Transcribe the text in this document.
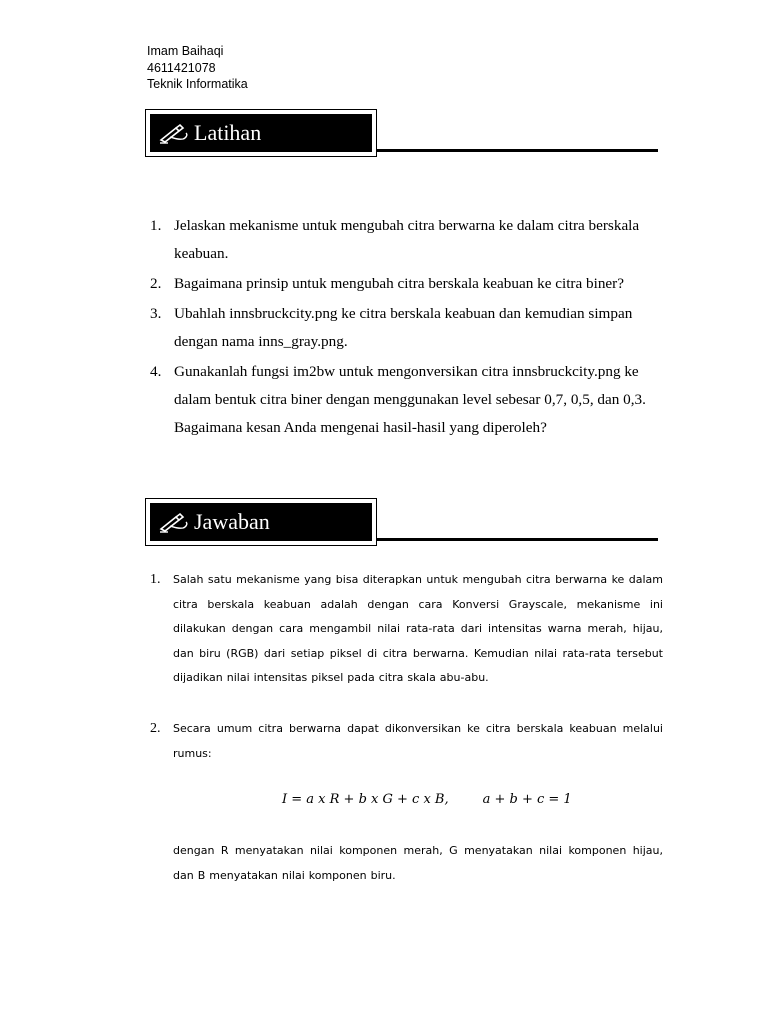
Imam Baihaqi
4611421078
Teknik Informatika
Latihan
1. Jelaskan mekanisme untuk mengubah citra berwarna ke dalam citra berskala keabuan.
2. Bagaimana prinsip untuk mengubah citra berskala keabuan ke citra biner?
3. Ubahlah innsbruckcity.png ke citra berskala keabuan dan kemudian simpan dengan nama inns_gray.png.
4. Gunakanlah fungsi im2bw untuk mengonversikan citra innsbruckcity.png ke dalam bentuk citra biner dengan menggunakan level sebesar 0,7, 0,5, dan 0,3. Bagaimana kesan Anda mengenai hasil-hasil yang diperoleh?
Jawaban
1. Salah satu mekanisme yang bisa diterapkan untuk mengubah citra berwarna ke dalam citra berskala keabuan adalah dengan cara Konversi Grayscale, mekanisme ini dilakukan dengan cara mengambil nilai rata-rata dari intensitas warna merah, hijau, dan biru (RGB) dari setiap piksel di citra berwarna. Kemudian nilai rata-rata tersebut dijadikan nilai intensitas piksel pada citra skala abu-abu.
2. Secara umum citra berwarna dapat dikonversikan ke citra berskala keabuan melalui rumus:
I = a x R + b x G + c x B,	a + b + c = 1
dengan R menyatakan nilai komponen merah, G menyatakan nilai komponen hijau, dan B menyatakan nilai komponen biru.
